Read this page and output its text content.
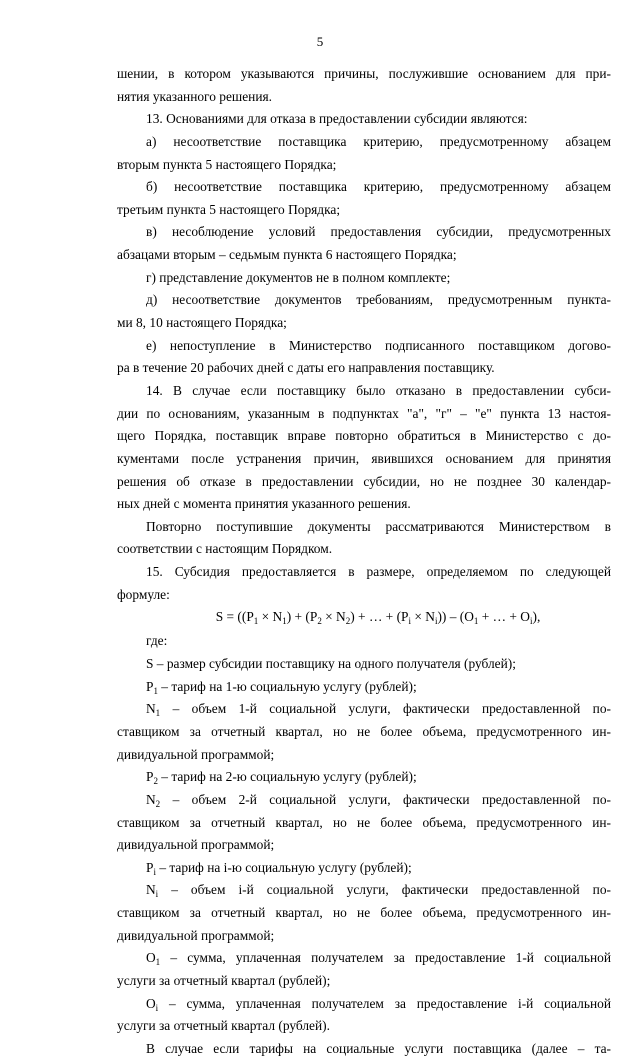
5
шении, в котором указываются причины, послужившие основанием для при-
нятия указанного решения.
13. Основаниями для отказа в предоставлении субсидии являются:
а) несоответствие поставщика критерию, предусмотренному абзацем
вторым пункта 5 настоящего Порядка;
б) несоответствие поставщика критерию, предусмотренному абзацем
третьим пункта 5 настоящего Порядка;
в) несоблюдение условий предоставления субсидии, предусмотренных
абзацами вторым – седьмым пункта 6 настоящего Порядка;
г) представление документов не в полном комплекте;
д) несоответствие документов требованиям, предусмотренным пункта-
ми 8, 10 настоящего Порядка;
е) непоступление в Министерство подписанного поставщиком догово-
ра в течение 20 рабочих дней с даты его направления поставщику.
14. В случае если поставщику было отказано в предоставлении субси-
дии по основаниям, указанным в подпунктах "а", "г" – "е" пункта 13 настоя-
щего Порядка, поставщик вправе повторно обратиться в Министерство с до-
кументами после устранения причин, явившихся основанием для принятия
решения об отказе в предоставлении субсидии, но не позднее 30 календар-
ных дней с момента принятия указанного решения.
Повторно поступившие документы рассматриваются Министерством в
соответствии с настоящим Порядком.
15. Субсидия предоставляется в размере, определяемом по следующей
формуле:
$S = ((P_1 \times N_1) + (P_2 \times N_2)$ + … + $(P_i \times N_i)) - (O_1$ + … + $O_i$),
где:
S – размер субсидии поставщику на одного получателя (рублей);
$P_1$ – тариф на 1-ю социальную услугу (рублей);
$N_1$ – объем 1-й социальной услуги, фактически предоставленной по-
ставщиком за отчетный квартал, но не более объема, предусмотренного ин-
дивидуальной программой;
$P_2$ – тариф на 2-ю социальную услугу (рублей);
$N_2$ – объем 2-й социальной услуги, фактически предоставленной по-
ставщиком за отчетный квартал, но не более объема, предусмотренного ин-
дивидуальной программой;
$P_i$ – тариф на i-ю социальную услугу (рублей);
$N_i$ – объем i-й социальной услуги, фактически предоставленной по-
ставщиком за отчетный квартал, но не более объема, предусмотренного ин-
дивидуальной программой;
$O_1$ – сумма, уплаченная получателем за предоставление 1-й социальной
услуги за отчетный квартал (рублей);
$O_i$ – сумма, уплаченная получателем за предоставление i-й социальной
услуги за отчетный квартал (рублей).
В случае если тарифы на социальные услуги поставщика (далее – та-
